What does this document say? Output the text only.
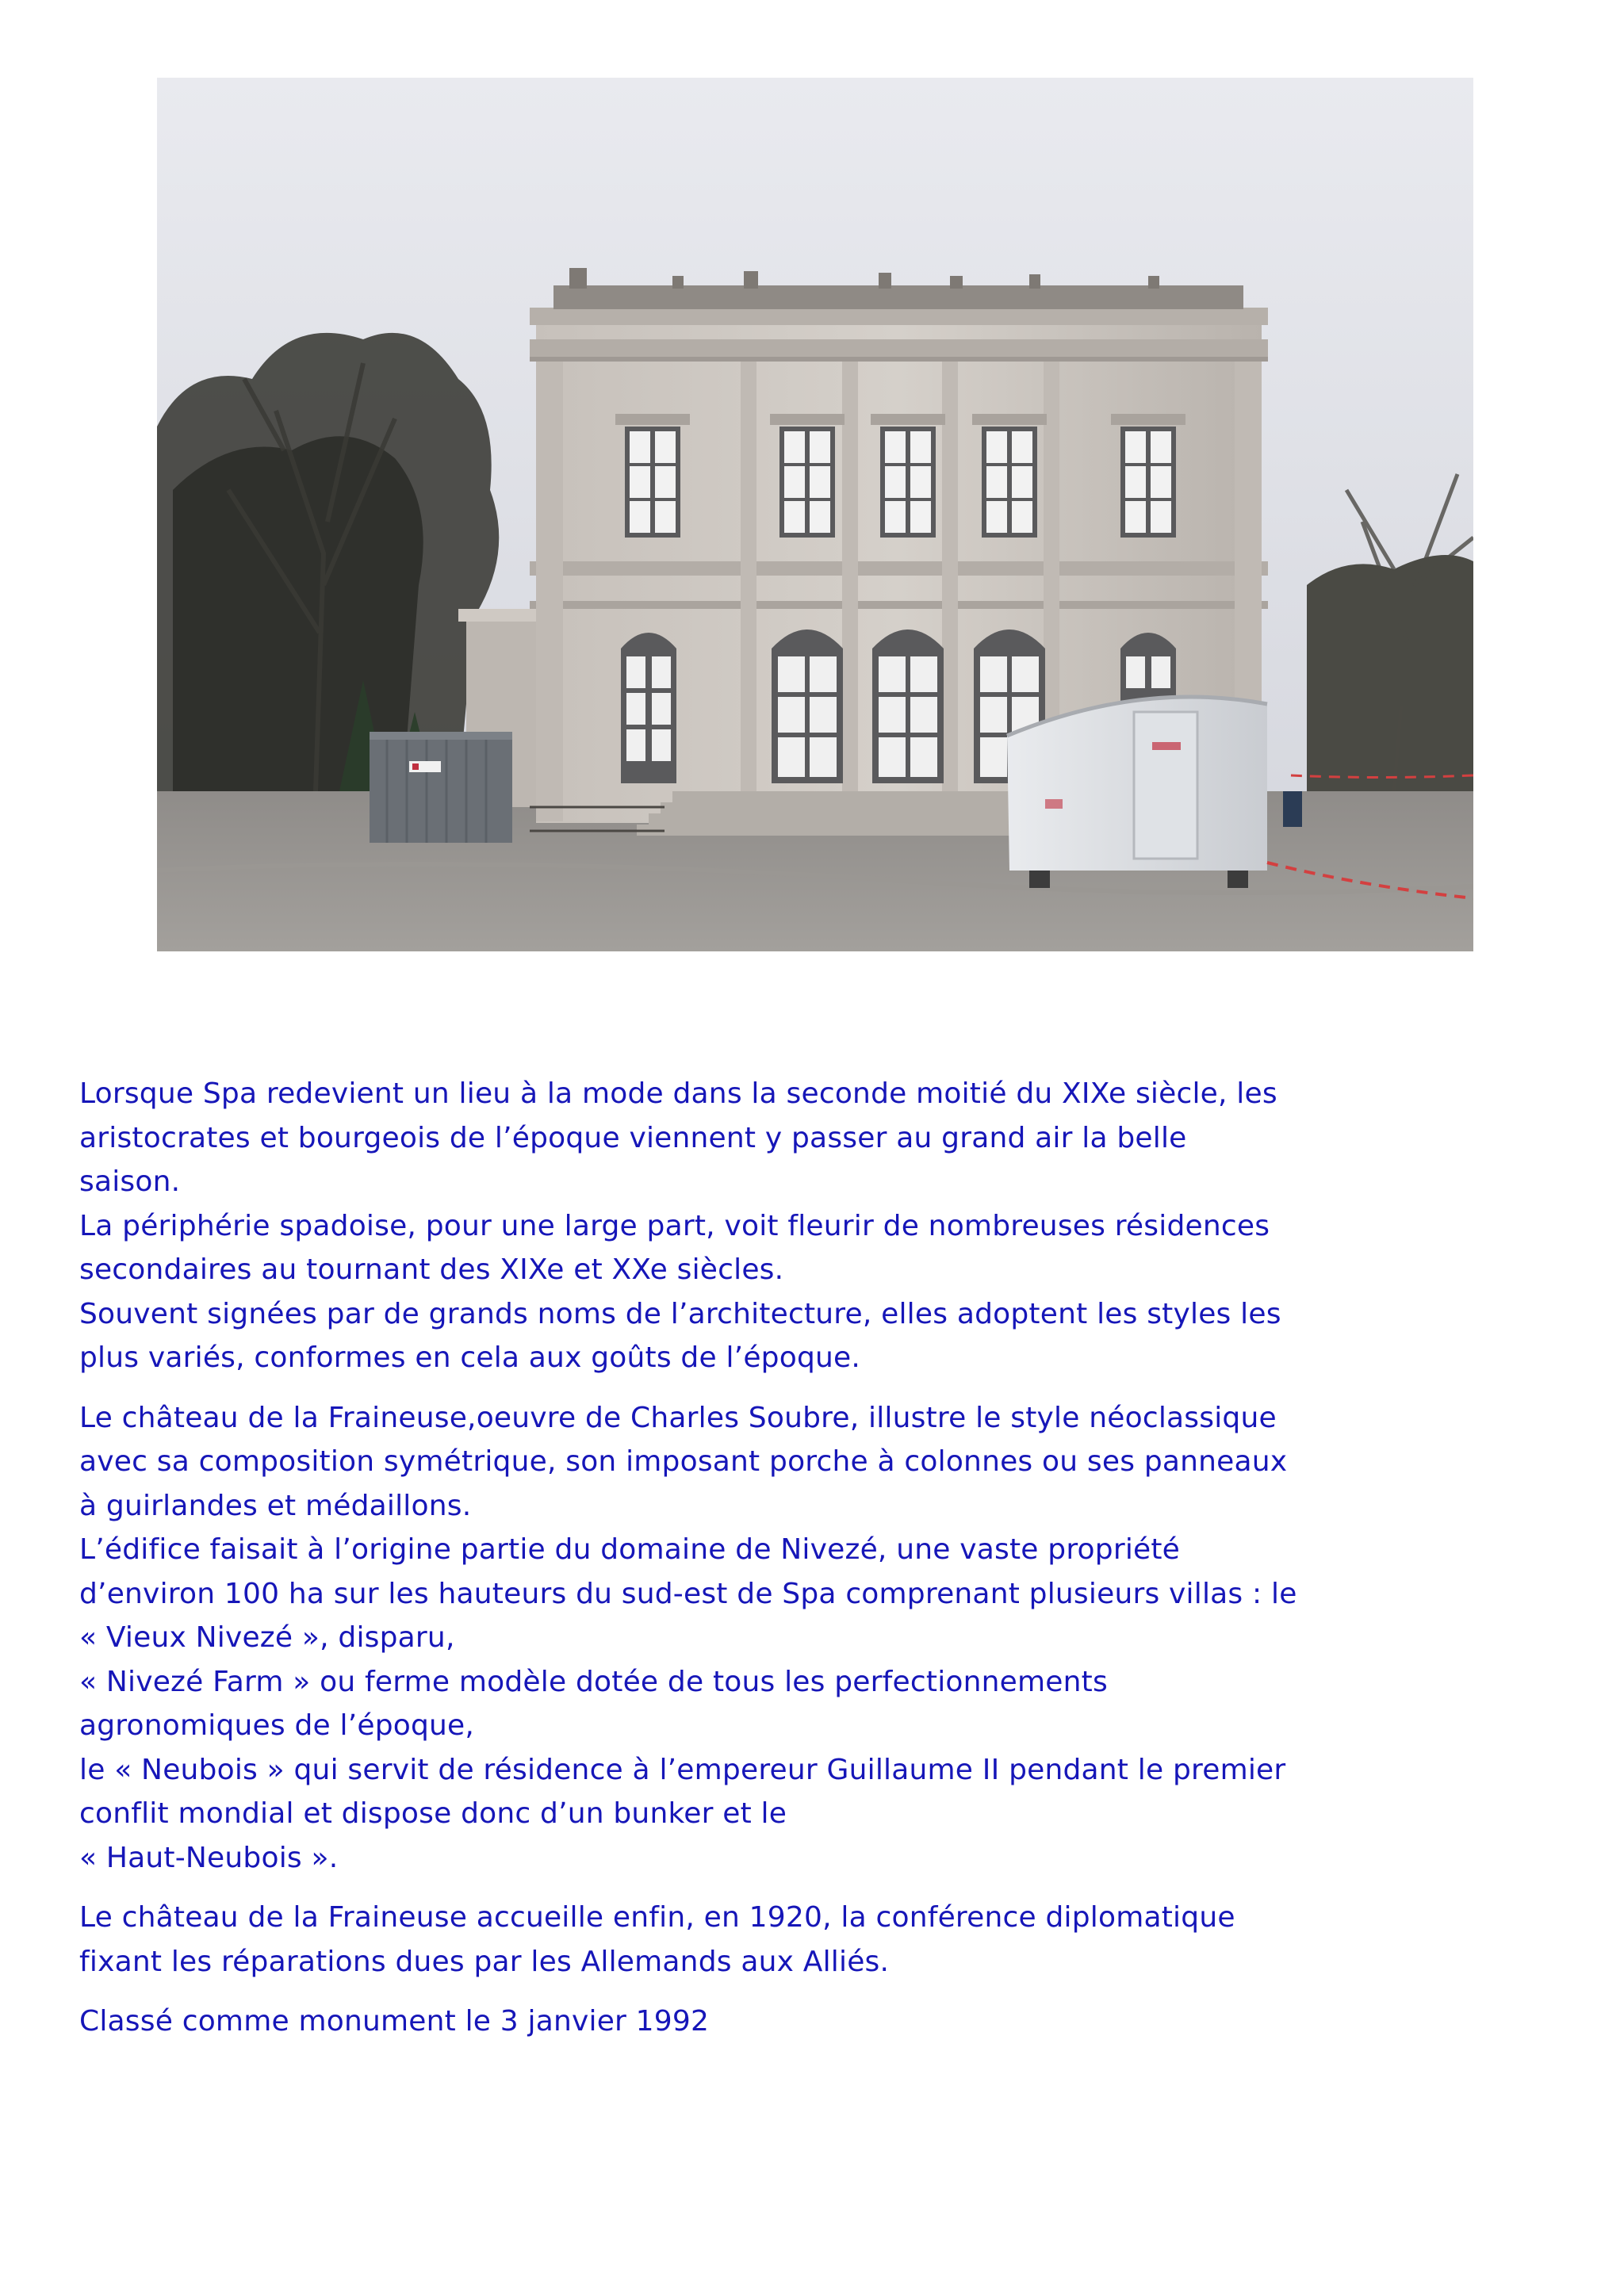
Lorsque Spa redevient un lieu à la mode dans la seconde moitié du XIXe siècle, les
aristocrates et bourgeois de l’époque viennent y passer au grand air la belle
saison.
La périphérie spadoise, pour une large part, voit fleurir de nombreuses résidences
secondaires au tournant des XIXe et XXe siècles.
Souvent signées par de grands noms de l’architecture, elles adoptent les styles les
plus variés, conformes en cela aux goûts de l’époque.
Le château de la Fraineuse,oeuvre de Charles Soubre, illustre le style néoclassique
avec sa composition symétrique, son imposant porche à colonnes ou ses panneaux
à guirlandes et médaillons.
L’édifice faisait à l’origine partie du domaine de Nivezé, une vaste propriété
d’environ 100 ha sur les hauteurs du sud-est de Spa comprenant plusieurs villas : le
« Vieux Nivezé », disparu,
« Nivezé Farm » ou ferme modèle dotée de tous les perfectionnements
agronomiques de l’époque,
le « Neubois » qui servit de résidence à l’empereur Guillaume II pendant le premier
conflit mondial et dispose donc d’un bunker et le
« Haut-Neubois ».
Le château de la Fraineuse accueille enfin, en 1920, la conférence diplomatique
fixant les réparations dues par les Allemands aux Alliés.
Classé comme monument le 3 janvier 1992
